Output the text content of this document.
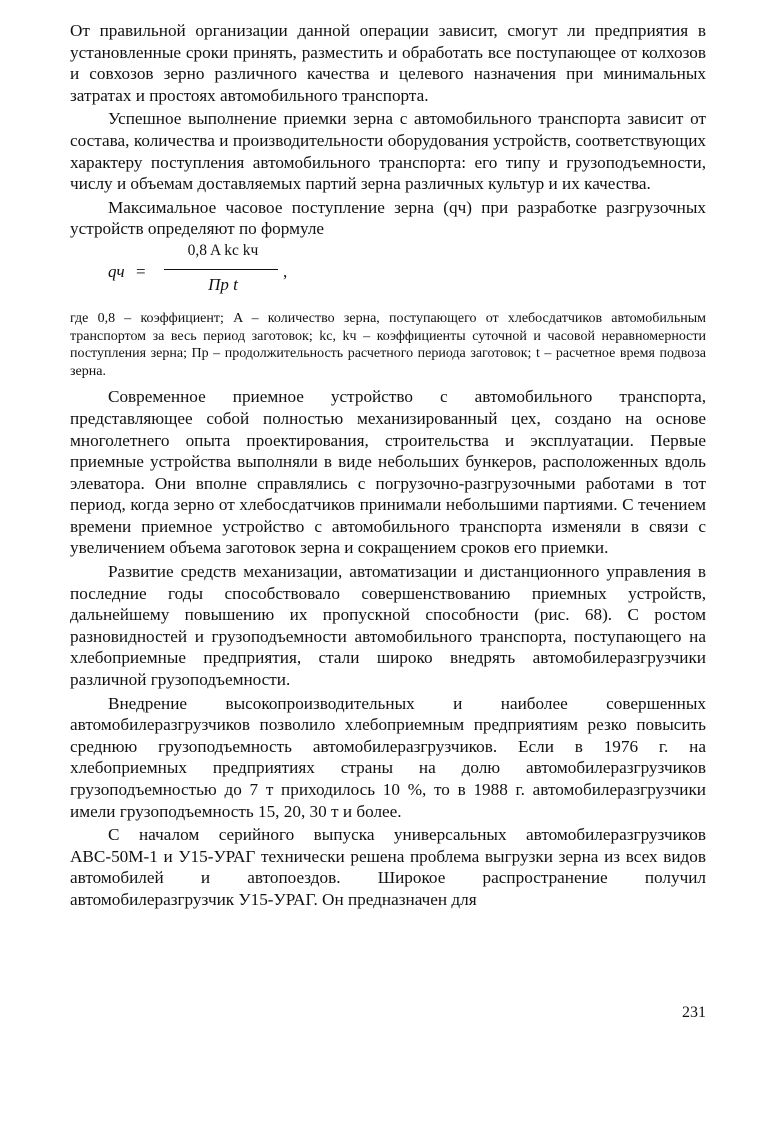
От правильной организации данной операции зависит, смогут ли предприятия в установленные сроки принять, разместить и обработать все поступающее от колхозов и совхозов зерно различного качества и целевого назначения при минимальных затратах и простоях автомобильного транспорта.

Успешное выполнение приемки зерна с автомобильного транспорта зависит от состава, количества и производительности оборудования устройств, соответствующих характеру поступления автомобильного транспорта: его типу и грузоподъемности, числу и объемам доставляемых партий зерна различных культур и их качества.

Максимальное часовое поступление зерна (qч) при разработке разгрузочных устройств определяют по формуле

qч =
0,8 A kс kч
Пр t
,

где 0,8 – коэффициент; A – количество зерна, поступающего от хлебосдатчиков автомобильным транспортом за весь период заготовок; kс, kч – коэффициенты суточной и часовой неравномерности поступления зерна; Пр – продолжительность расчетного периода заготовок; t – расчетное время подвоза зерна.

Современное приемное устройство с автомобильного транспорта, представляющее собой полностью механизированный цех, создано на основе многолетнего опыта проектирования, строительства и эксплуатации. Первые приемные устройства выполняли в виде небольших бункеров, расположенных вдоль элеватора. Они вполне справлялись с погрузочно-разгрузочными работами в тот период, когда зерно от хлебосдатчиков принимали небольшими партиями. С течением времени приемное устройство с автомобильного транспорта изменяли в связи с увеличением объема заготовок зерна и сокращением сроков его приемки.

Развитие средств механизации, автоматизации и дистанционного управления в последние годы способствовало совершенствованию приемных устройств, дальнейшему повышению их пропускной способности (рис. 68). С ростом разновидностей и грузоподъемности автомобильного транспорта, поступающего на хлебоприемные предприятия, стали широко внедрять автомобилеразгрузчики различной грузоподъемности.

Внедрение высокопроизводительных и наиболее совершенных автомобилеразгрузчиков позволило хлебоприемным предприятиям резко повысить среднюю грузоподъемность автомобилеразгрузчиков. Если в 1976 г. на хлебоприемных предприятиях страны на долю автомобилеразгрузчиков грузоподъемностью до 7 т приходилось 10 %, то в 1988 г. автомобилеразгрузчики имели грузоподъемность 15, 20, 30 т и более.

С началом серийного выпуска универсальных автомобилеразгрузчиков АВС-50М-1 и У15-УРАГ технически решена проблема выгрузки зерна из всех видов автомобилей и автопоездов. Широкое распространение получил автомобилеразгрузчик У15-УРАГ. Он предназначен для

231
